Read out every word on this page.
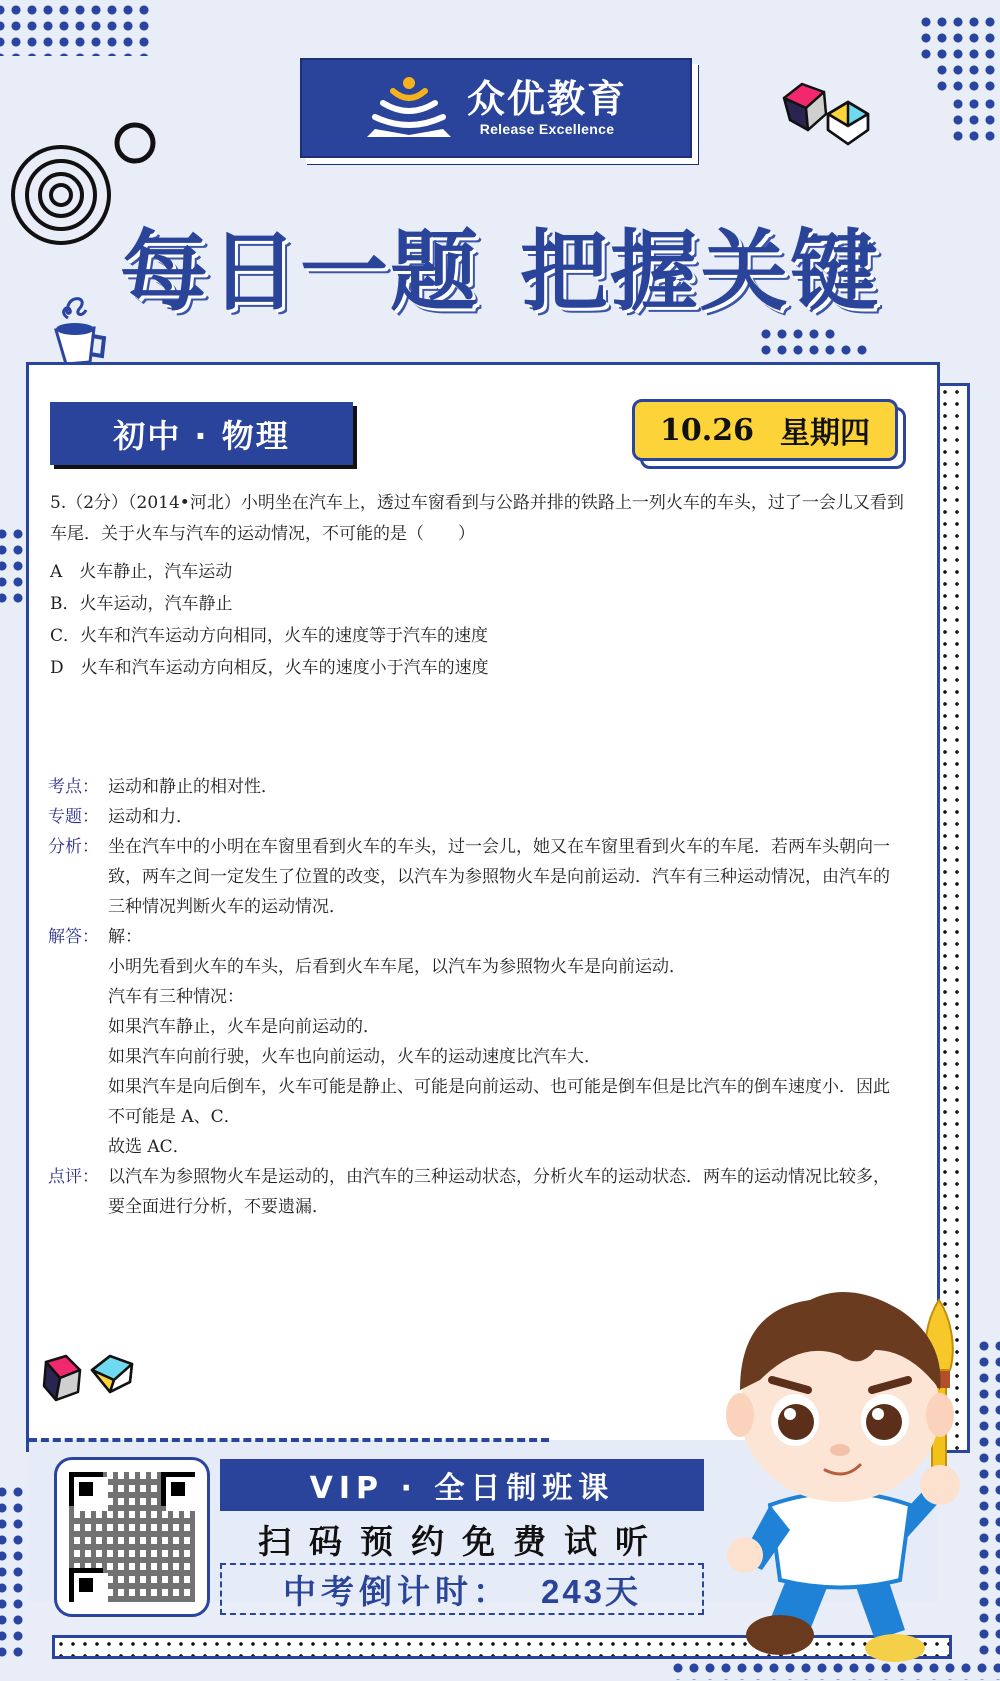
众优教育
Release Excellence
每日一题 把握关键
初中 · 物理	10.26 星期四
5.（2分）（2014•河北）小明坐在汽车上，透过车窗看到与公路并排的铁路上一列火车的车头，过了一会儿又看到
车尾．关于火车与汽车的运动情况，不可能的是（　　）
A　火车静止，汽车运动
B．火车运动，汽车静止
C．火车和汽车运动方向相同，火车的速度等于汽车的速度
D　火车和汽车运动方向相反，火车的速度小于汽车的速度
考点： 运动和静止的相对性．
专题： 运动和力．
分析： 坐在汽车中的小明在车窗里看到火车的车头，过一会儿，她又在车窗里看到火车的车尾．若两车头朝向一
致，两车之间一定发生了位置的改变，以汽车为参照物火车是向前运动．汽车有三种运动情况，由汽车的
三种情况判断火车的运动情况．
解答： 解：
小明先看到火车的车头，后看到火车车尾，以汽车为参照物火车是向前运动．
汽车有三种情况：
如果汽车静止，火车是向前运动的．
如果汽车向前行驶，火车也向前运动，火车的运动速度比汽车大．
如果汽车是向后倒车，火车可能是静止、可能是向前运动、也可能是倒车但是比汽车的倒车速度小．因此
不可能是 A、C．
故选 AC．
点评： 以汽车为参照物火车是运动的，由汽车的三种运动状态，分析火车的运动状态．两车的运动情况比较多，
要全面进行分析，不要遗漏．
VIP · 全日制班课
扫码预约免费试听
中考倒计时： 243天
